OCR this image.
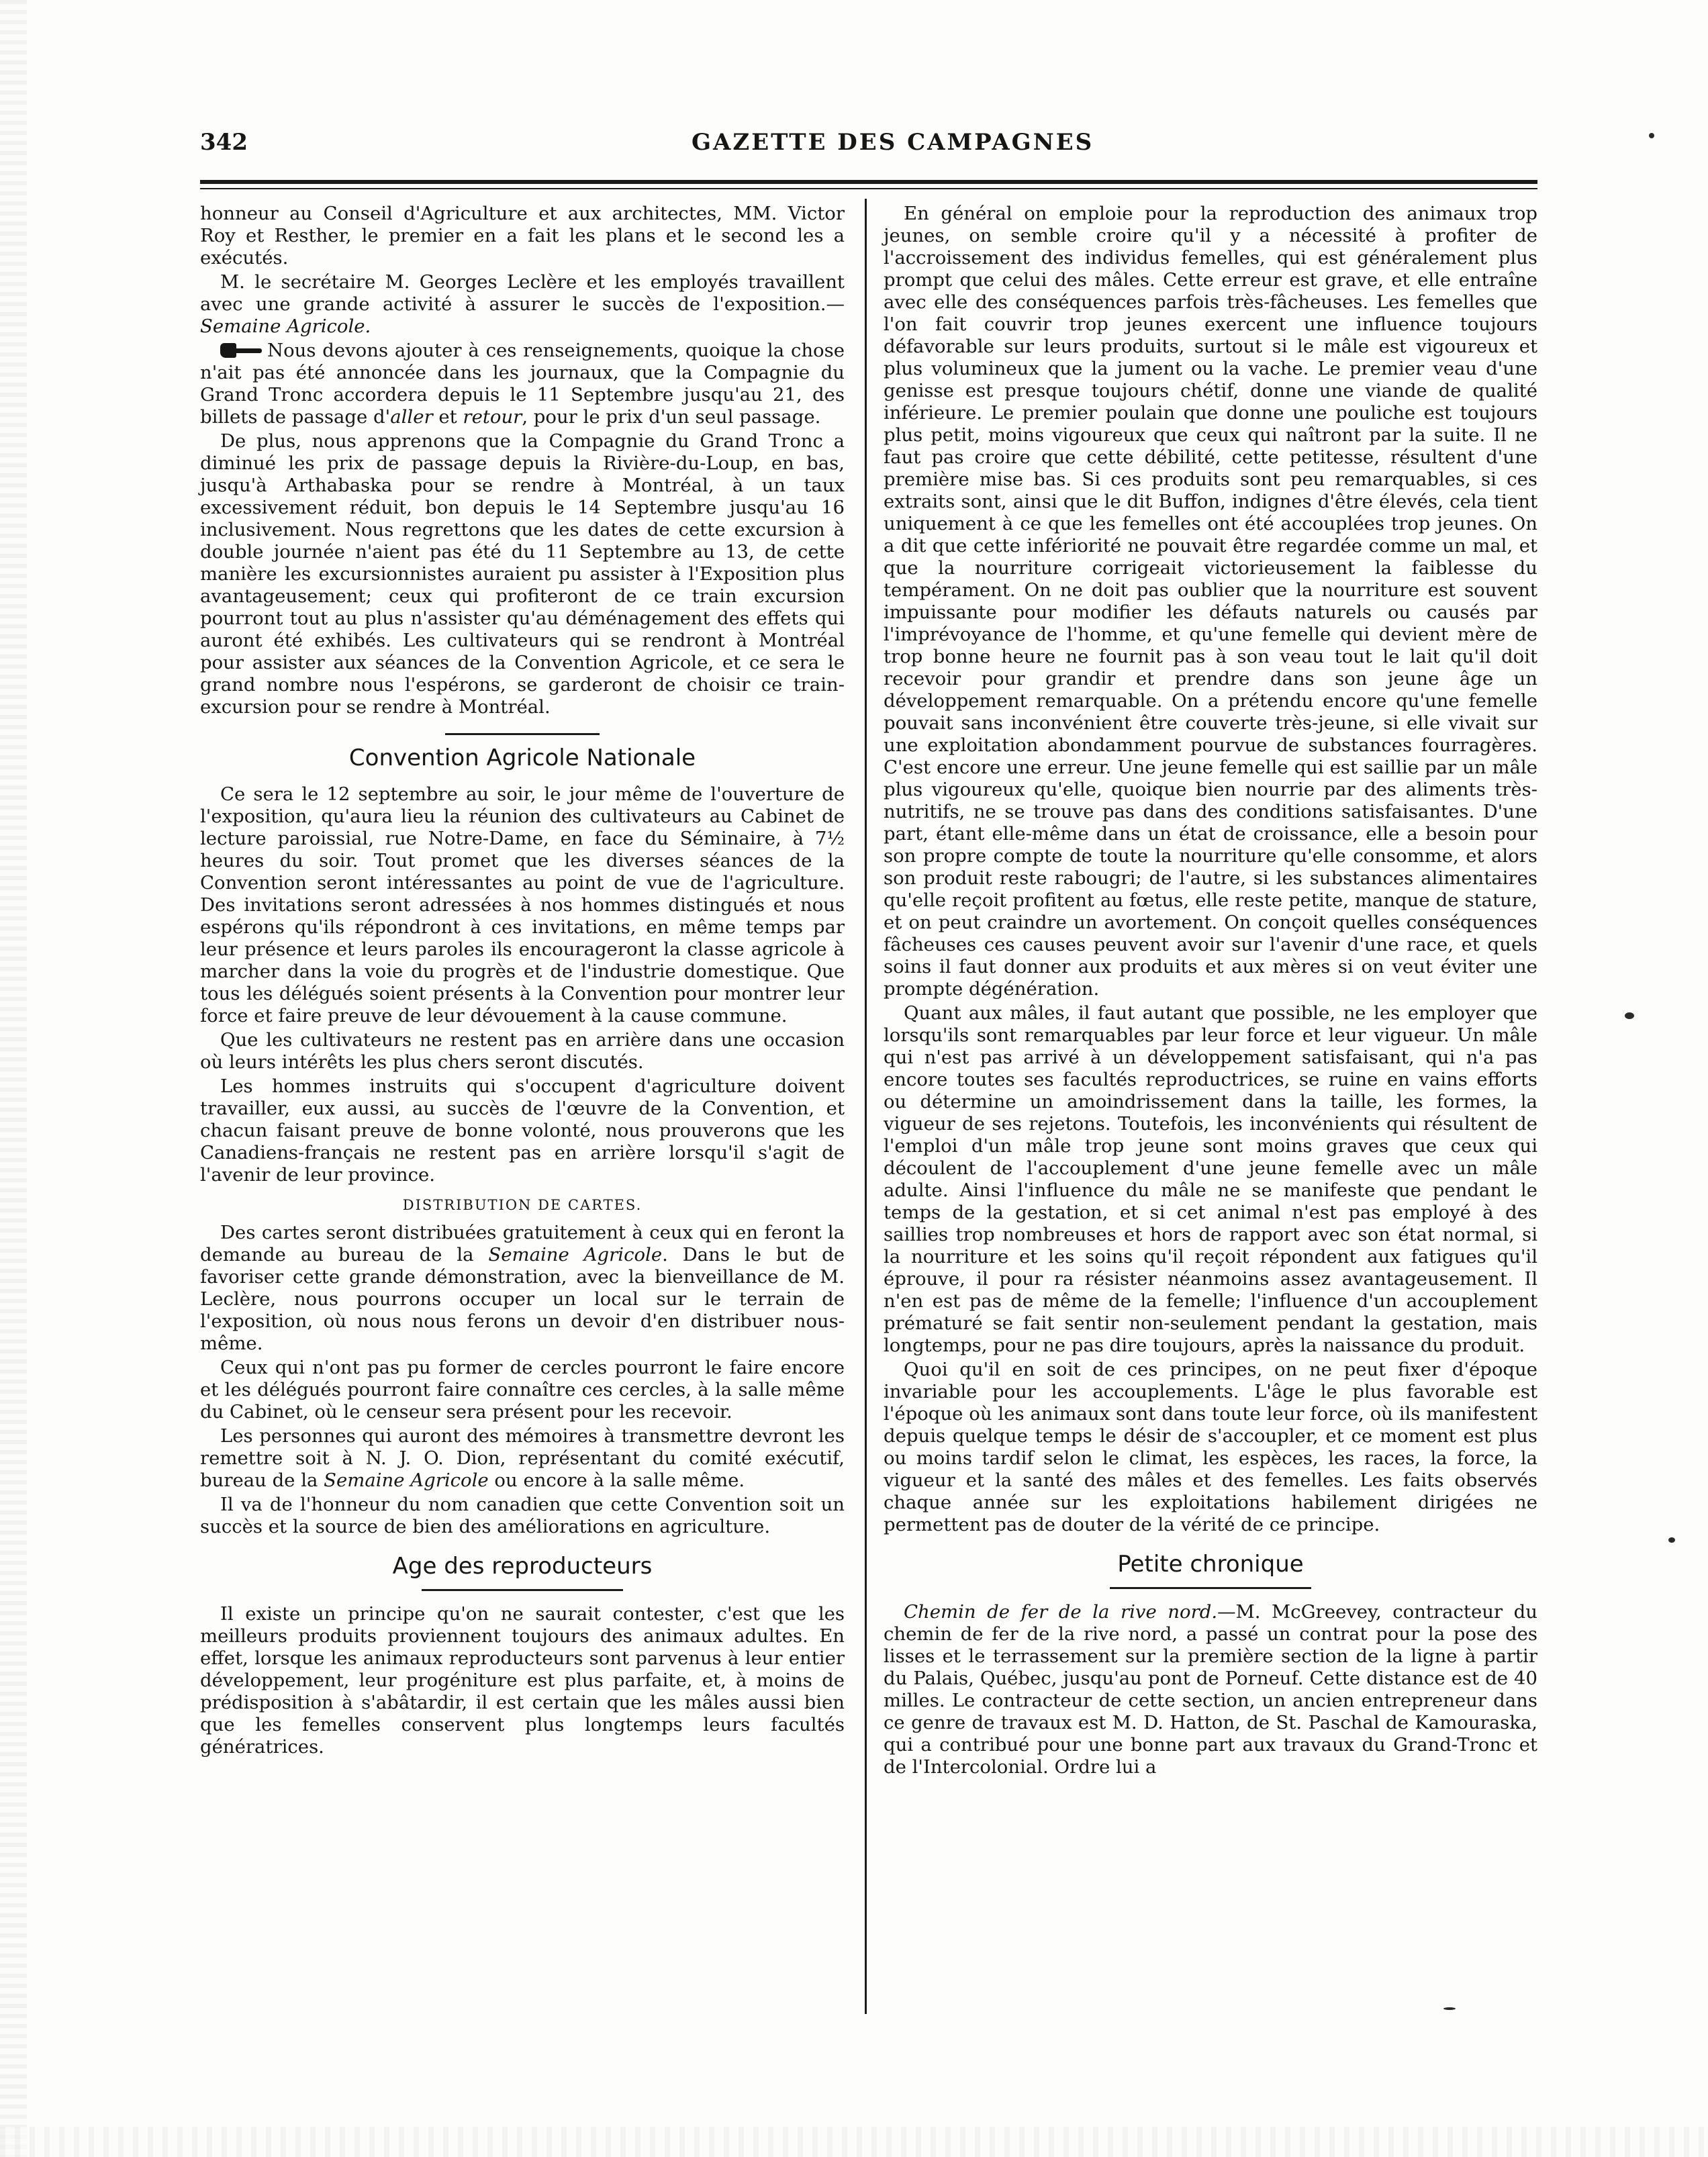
342	GAZETTE DES CAMPAGNES

honneur au Conseil d'Agriculture et aux architectes, MM. Victor Roy et Resther, le premier en a fait les plans et le second les a exécutés.

M. le secrétaire M. Georges Leclère et les employés travaillent avec une grande activité à assurer le succès de l'exposition.—Semaine Agricole.

Nous devons ajouter à ces renseignements, quoique la chose n'ait pas été annoncée dans les journaux, que la Compagnie du Grand Tronc accordera depuis le 11 Septembre jusqu'au 21, des billets de passage d'aller et retour, pour le prix d'un seul passage.

De plus, nous apprenons que la Compagnie du Grand Tronc a diminué les prix de passage depuis la Rivière-du-Loup, en bas, jusqu'à Arthabaska pour se rendre à Montréal, à un taux excessivement réduit, bon depuis le 14 Septembre jusqu'au 16 inclusivement. Nous regrettons que les dates de cette excursion à double journée n'aient pas été du 11 Septembre au 13, de cette manière les excursionnistes auraient pu assister à l'Exposition plus avantageusement; ceux qui profiteront de ce train excursion pourront tout au plus n'assister qu'au déménagement des effets qui auront été exhibés. Les cultivateurs qui se rendront à Montréal pour assister aux séances de la Convention Agricole, et ce sera le grand nombre nous l'espérons, se garderont de choisir ce train-excursion pour se rendre à Montréal.

Convention Agricole Nationale

Ce sera le 12 septembre au soir, le jour même de l'ouverture de l'exposition, qu'aura lieu la réunion des cultivateurs au Cabinet de lecture paroissial, rue Notre-Dame, en face du Séminaire, à 7½ heures du soir. Tout promet que les diverses séances de la Convention seront intéressantes au point de vue de l'agriculture. Des invitations seront adressées à nos hommes distingués et nous espérons qu'ils répondront à ces invitations, en même temps par leur présence et leurs paroles ils encourageront la classe agricole à marcher dans la voie du progrès et de l'industrie domestique. Que tous les délégués soient présents à la Convention pour montrer leur force et faire preuve de leur dévouement à la cause commune.

Que les cultivateurs ne restent pas en arrière dans une occasion où leurs intérêts les plus chers seront discutés.

Les hommes instruits qui s'occupent d'agriculture doivent travailler, eux aussi, au succès de l'œuvre de la Convention, et chacun faisant preuve de bonne volonté, nous prouverons que les Canadiens-français ne restent pas en arrière lorsqu'il s'agit de l'avenir de leur province.

DISTRIBUTION DE CARTES.

Des cartes seront distribuées gratuitement à ceux qui en feront la demande au bureau de la Semaine Agricole. Dans le but de favoriser cette grande démonstration, avec la bienveillance de M. Leclère, nous pourrons occuper un local sur le terrain de l'exposition, où nous nous ferons un devoir d'en distribuer nous-même.

Ceux qui n'ont pas pu former de cercles pourront le faire encore et les délégués pourront faire connaître ces cercles, à la salle même du Cabinet, où le censeur sera présent pour les recevoir.

Les personnes qui auront des mémoires à transmettre devront les remettre soit à N. J. O. Dion, représentant du comité exécutif, bureau de la Semaine Agricole ou encore à la salle même.

Il va de l'honneur du nom canadien que cette Convention soit un succès et la source de bien des améliorations en agriculture.

Age des reproducteurs

Il existe un principe qu'on ne saurait contester, c'est que les meilleurs produits proviennent toujours des animaux adultes. En effet, lorsque les animaux reproducteurs sont parvenus à leur entier développement, leur progéniture est plus parfaite, et, à moins de prédisposition à s'abâtardir, il est certain que les mâles aussi bien que les femelles conservent plus longtemps leurs facultés génératrices.

En général on emploie pour la reproduction des animaux trop jeunes, on semble croire qu'il y a nécessité à profiter de l'accroissement des individus femelles, qui est généralement plus prompt que celui des mâles. Cette erreur est grave, et elle entraîne avec elle des conséquences parfois très-fâcheuses. Les femelles que l'on fait couvrir trop jeunes exercent une influence toujours défavorable sur leurs produits, surtout si le mâle est vigoureux et plus volumineux que la jument ou la vache. Le premier veau d'une genisse est presque toujours chétif, donne une viande de qualité inférieure. Le premier poulain que donne une pouliche est toujours plus petit, moins vigoureux que ceux qui naîtront par la suite. Il ne faut pas croire que cette débilité, cette petitesse, résultent d'une première mise bas. Si ces produits sont peu remarquables, si ces extraits sont, ainsi que le dit Buffon, indignes d'être élevés, cela tient uniquement à ce que les femelles ont été accouplées trop jeunes. On a dit que cette infériorité ne pouvait être regardée comme un mal, et que la nourriture corrigeait victorieusement la faiblesse du tempérament. On ne doit pas oublier que la nourriture est souvent impuissante pour modifier les défauts naturels ou causés par l'imprévoyance de l'homme, et qu'une femelle qui devient mère de trop bonne heure ne fournit pas à son veau tout le lait qu'il doit recevoir pour grandir et prendre dans son jeune âge un développement remarquable. On a prétendu encore qu'une femelle pouvait sans inconvénient être couverte très-jeune, si elle vivait sur une exploitation abondamment pourvue de substances fourragères. C'est encore une erreur. Une jeune femelle qui est saillie par un mâle plus vigoureux qu'elle, quoique bien nourrie par des aliments très-nutritifs, ne se trouve pas dans des conditions satisfaisantes. D'une part, étant elle-même dans un état de croissance, elle a besoin pour son propre compte de toute la nourriture qu'elle consomme, et alors son produit reste rabougri; de l'autre, si les substances alimentaires qu'elle reçoit profitent au fœtus, elle reste petite, manque de stature, et on peut craindre un avortement. On conçoit quelles conséquences fâcheuses ces causes peuvent avoir sur l'avenir d'une race, et quels soins il faut donner aux produits et aux mères si on veut éviter une prompte dégénération.

Quant aux mâles, il faut autant que possible, ne les employer que lorsqu'ils sont remarquables par leur force et leur vigueur. Un mâle qui n'est pas arrivé à un développement satisfaisant, qui n'a pas encore toutes ses facultés reproductrices, se ruine en vains efforts ou détermine un amoindrissement dans la taille, les formes, la vigueur de ses rejetons. Toutefois, les inconvénients qui résultent de l'emploi d'un mâle trop jeune sont moins graves que ceux qui découlent de l'accouplement d'une jeune femelle avec un mâle adulte. Ainsi l'influence du mâle ne se manifeste que pendant le temps de la gestation, et si cet animal n'est pas employé à des saillies trop nombreuses et hors de rapport avec son état normal, si la nourriture et les soins qu'il reçoit répondent aux fatigues qu'il éprouve, il pour ra résister néanmoins assez avantageusement. Il n'en est pas de même de la femelle; l'influence d'un accouplement prématuré se fait sentir non-seulement pendant la gestation, mais longtemps, pour ne pas dire toujours, après la naissance du produit.

Quoi qu'il en soit de ces principes, on ne peut fixer d'époque invariable pour les accouplements. L'âge le plus favorable est l'époque où les animaux sont dans toute leur force, où ils manifestent depuis quelque temps le désir de s'accoupler, et ce moment est plus ou moins tardif selon le climat, les espèces, les races, la force, la vigueur et la santé des mâles et des femelles. Les faits observés chaque année sur les exploitations habilement dirigées ne permettent pas de douter de la vérité de ce principe.

Petite chronique

Chemin de fer de la rive nord.—M. McGreevey, contracteur du chemin de fer de la rive nord, a passé un contrat pour la pose des lisses et le terrassement sur la première section de la ligne à partir du Palais, Québec, jusqu'au pont de Porneuf. Cette distance est de 40 milles. Le contracteur de cette section, un ancien entrepreneur dans ce genre de travaux est M. D. Hatton, de St. Paschal de Kamouraska, qui a contribué pour une bonne part aux travaux du Grand-Tronc et de l'Intercolonial. Ordre lui a
